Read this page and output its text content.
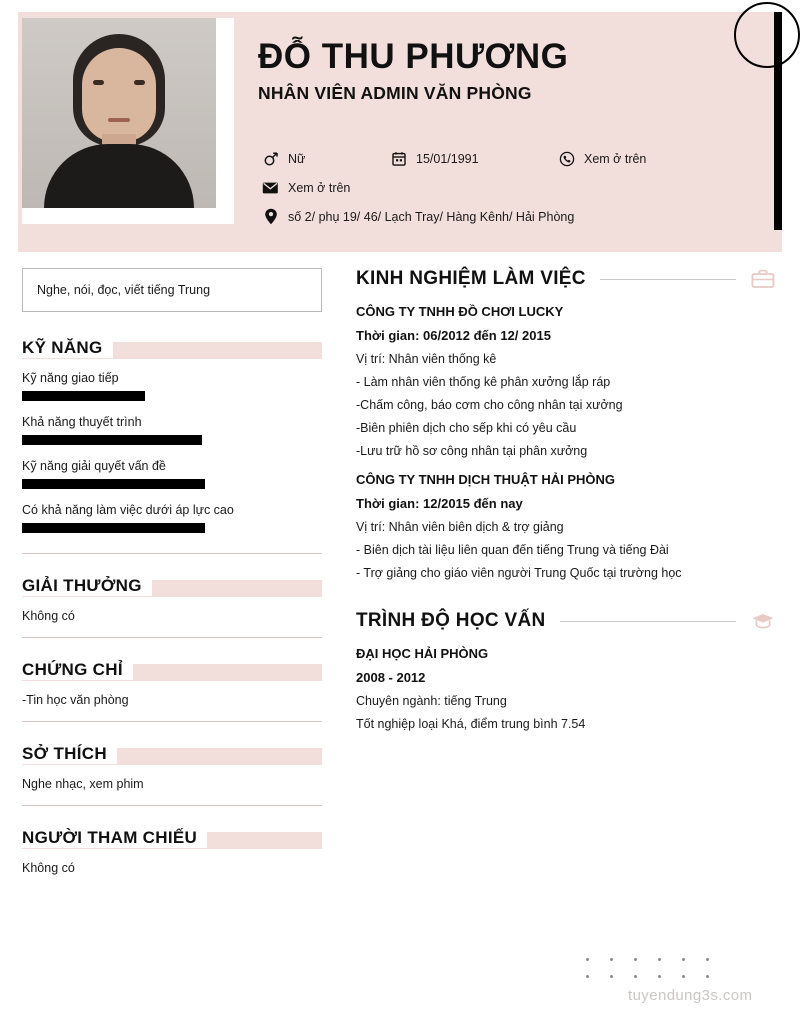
ĐỖ THU PHƯƠNG
NHÂN VIÊN ADMIN VĂN PHÒNG
Nữ	15/01/1991	Xem ở trên
Xem ở trên
số 2/ phụ 19/ 46/ Lạch Tray/ Hàng Kênh/ Hải Phòng
Nghe, nói, đọc, viết tiếng Trung
KỸ NĂNG
Kỹ năng giao tiếp
Khả năng thuyết trình
Kỹ năng giải quyết vấn đề
Có khả năng làm việc dưới áp lực cao
GIẢI THƯỞNG
Không có
CHỨNG CHỈ
-Tin học văn phòng
SỞ THÍCH
Nghe nhạc, xem phim
NGƯỜI THAM CHIẾU
Không có
KINH NGHIỆM LÀM VIỆC
CÔNG TY TNHH ĐỒ CHƠI LUCKY
Thời gian: 06/2012 đến 12/ 2015
Vị trí: Nhân viên thống kê
- Làm nhân viên thống kê phân xưởng lắp ráp
-Chấm công, báo cơm cho công nhân tại xưởng
-Biên phiên dịch cho sếp khi có yêu cầu
-Lưu trữ hồ sơ công nhân tại phân xưởng
CÔNG TY TNHH DỊCH THUẬT HẢI PHÒNG
Thời gian: 12/2015 đến nay
Vị trí: Nhân viên biên dịch & trợ giảng
- Biên dịch tài liệu liên quan đến tiếng Trung và tiếng Đài
- Trợ giảng cho giáo viên người Trung Quốc tại trường học
TRÌNH ĐỘ HỌC VẤN
ĐẠI HỌC HẢI PHÒNG
2008 - 2012
Chuyên ngành: tiếng Trung
Tốt nghiệp loại Khá, điểm trung bình 7.54
tuyendung3s.com
